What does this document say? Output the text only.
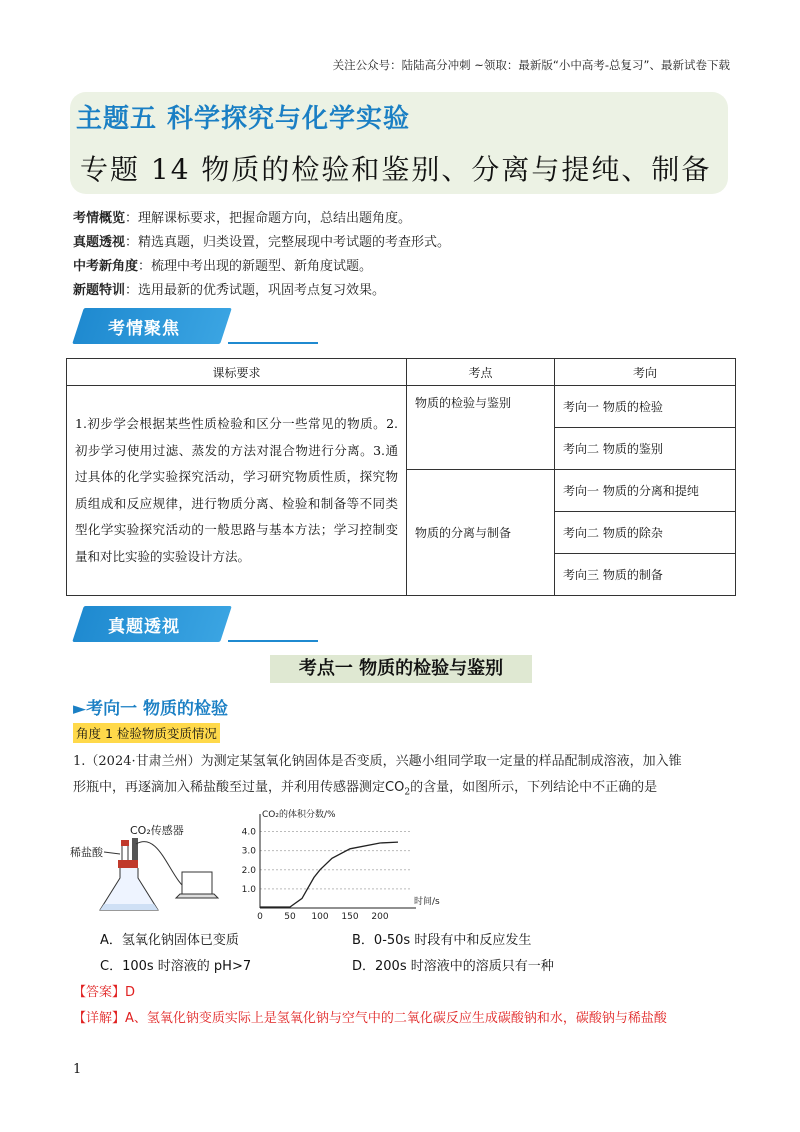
关注公众号：陆陆高分冲刺 ~领取：最新版“小中高考-总复习”、最新试卷下载
主题五 科学探究与化学实验
专题 14 物质的检验和鉴别、分离与提纯、制备
考情概览：理解课标要求，把握命题方向，总结出题角度。
真题透视：精选真题，归类设置，完整展现中考试题的考查形式。
中考新角度：梳理中考出现的新题型、新角度试题。
新题特训：选用最新的优秀试题，巩固考点复习效果。
考情聚焦
课标要求	考点	考向
1.初步学会根据某些性质检验和区分一些常见的物质。2.初步学习使用过滤、蒸发的方法对混合物进行分离。3.通过具体的化学实验探究活动，学习研究物质性质，探究物质组成和反应规律，进行物质分离、检验和制备等不同类型化学实验探究活动的一般思路与基本方法；学习控制变量和对比实验的实验设计方法。	物质的检验与鉴别	考向一 物质的检验
		考向二 物质的鉴别
	物质的分离与制备	考向一 物质的分离和提纯
		考向二 物质的除杂
		考向三 物质的制备
真题透视
考点一 物质的检验与鉴别
►考向一 物质的检验
角度 1 检验物质变质情况
1.（2024·甘肃兰州）为测定某氢氧化钠固体是否变质，兴趣小组同学取一定量的样品配制成溶液，加入锥
形瓶中，再逐滴加入稀盐酸至过量，并利用传感器测定$CO_2$的含量，如图所示，下列结论中不正确的是
CO₂传感器
稀盐酸
1.0
2.0
3.0
4.0
0 50 100 150 200
时间/s
CO₂的体积分数/%
A．氢氧化钠固体已变质	B．0-50s 时段有中和反应发生
C．100s 时溶液的 pH>7	D．200s 时溶液中的溶质只有一种
【答案】D
【详解】A、氢氧化钠变质实际上是氢氧化钠与空气中的二氧化碳反应生成碳酸钠和水，碳酸钠与稀盐酸
1
